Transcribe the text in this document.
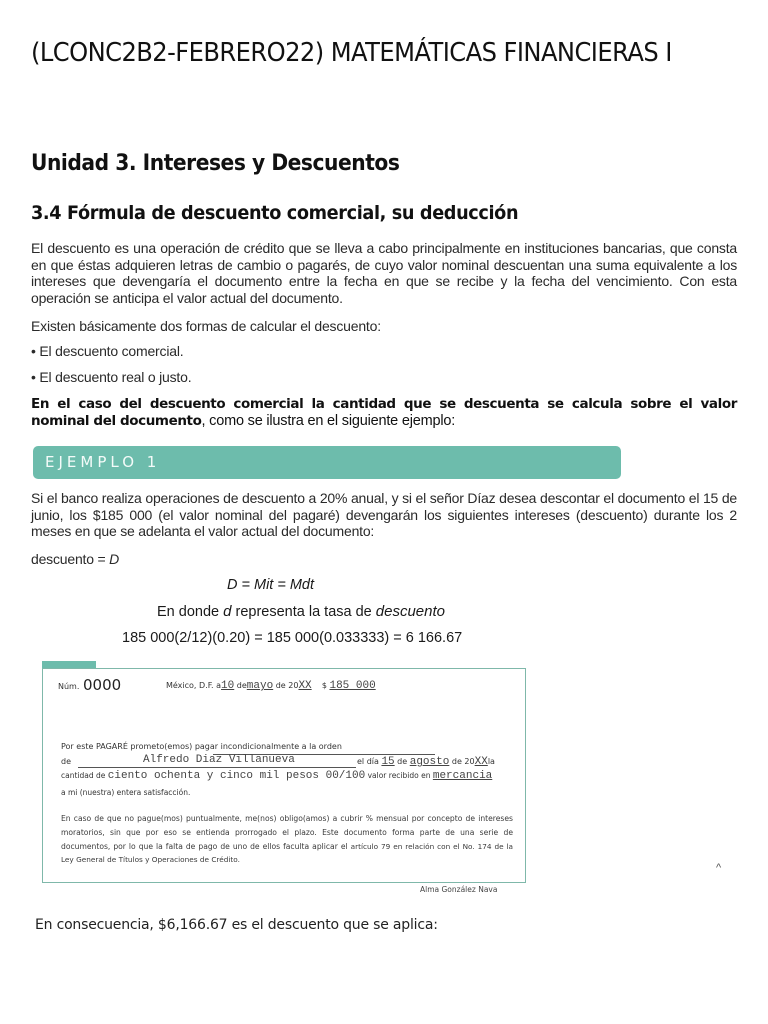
(LCONC2B2-FEBRERO22) MATEMÁTICAS FINANCIERAS I
Unidad 3. Intereses y Descuentos
3.4 Fórmula de descuento comercial, su deducción

El descuento es una operación de crédito que se lleva a cabo principalmente en instituciones bancarias, que consta en que éstas adquieren letras de cambio o pagarés, de cuyo valor nominal descuentan una suma equivalente a los intereses que devengaría el documento entre la fecha en que se recibe y la fecha del vencimiento. Con esta operación se anticipa el valor actual del documento.

Existen básicamente dos formas de calcular el descuento:

• El descuento comercial.

• El descuento real o justo.

En el caso del descuento comercial la cantidad que se descuenta se calcula sobre el valor nominal del documento, como se ilustra en el siguiente ejemplo:

EJEMPLO 1

Si el banco realiza operaciones de descuento a 20% anual, y si el señor Díaz desea descontar el documento el 15 de junio, los $185 000 (el valor nominal del pagaré) devengarán los siguientes intereses (descuento) durante los 2 meses en que se adelanta el valor actual del documento:

descuento = D

D = Mit = Mdt
En donde d representa la tasa de descuento
185 000(2/12)(0.20) = 185 000(0.033333) = 6 166.67
Núm. 0000	México, D.F. a10 demayo de 20XX $ 185 000
Por este PAGARÉ prometo(emos) pagar incondicionalmente a la orden
de	Alfredo Diaz Villanueva	el día 15 de agosto de 20XXla
cantidad de ciento ochenta y cinco mil pesos 00/100 valor recibido en mercancia
a mi (nuestra) entera satisfacción.
En caso de que no pague(mos) puntualmente, me(nos) obligo(amos) a cubrir % mensual por concepto de intereses moratorios, sin que por eso se entienda prorrogado el plazo. Este documento forma parte de una serie de documentos, por lo que la falta de pago de uno de ellos faculta aplicar el artículo 79 en relación con el No. 174 de la Ley General de Títulos y Operaciones de Crédito.
Alma González Nava
^

En consecuencia, $6,166.67 es el descuento que se aplica:
